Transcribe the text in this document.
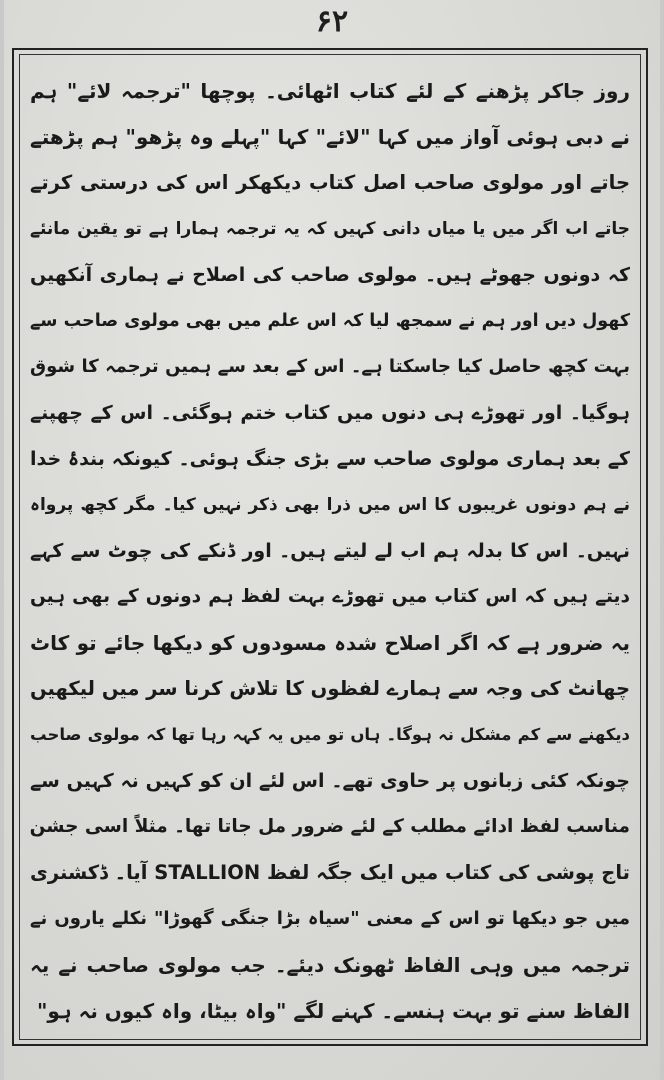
۶۲
روز جاکر پڑھنے کے لئے کتاب اٹھائی۔ پوچھا "ترجمہ لائے" ہم
نے دبی ہوئی آواز میں کہا "لائے" کہا "پہلے وہ پڑھو" ہم پڑھتے
جاتے اور مولوی صاحب اصل کتاب دیکھکر اس کی درستی کرتے
جاتے اب اگر میں یا میاں دانی کہیں کہ یہ ترجمہ ہمارا ہے تو یقین مانئے
کہ دونوں جھوٹے ہیں۔ مولوی صاحب کی اصلاح نے ہماری آنکھیں
کھول دیں اور ہم نے سمجھ لیا کہ اس علم میں بھی مولوی صاحب سے
بہت کچھ حاصل کیا جاسکتا ہے۔ اس کے بعد سے ہمیں ترجمہ کا شوق
ہوگیا۔ اور تھوڑے ہی دنوں میں کتاب ختم ہوگئی۔ اس کے چھپنے
کے بعد ہماری مولوی صاحب سے بڑی جنگ ہوئی۔ کیونکہ بندۂ خدا
نے ہم دونوں غریبوں کا اس میں ذرا بھی ذکر نہیں کیا۔ مگر کچھ پرواہ
نہیں۔ اس کا بدلہ ہم اب لے لیتے ہیں۔ اور ڈنکے کی چوٹ سے کہے
دیتے ہیں کہ اس کتاب میں تھوڑے بہت لفظ ہم دونوں کے بھی ہیں
یہ ضرور ہے کہ اگر اصلاح شدہ مسودوں کو دیکھا جائے تو کاٹ
چھانٹ کی وجہ سے ہمارے لفظوں کا تلاش کرنا سر میں لیکھیں
دیکھنے سے کم مشکل نہ ہوگا۔ ہاں تو میں یہ کہہ رہا تھا کہ مولوی صاحب
چونکہ کئی زبانوں پر حاوی تھے۔ اس لئے ان کو کہیں نہ کہیں سے
مناسب لفظ ادائے مطلب کے لئے ضرور مل جاتا تھا۔ مثلاً اسی جشن
تاج پوشی کی کتاب میں ایک جگہ لفظ STALLION آیا۔ ڈکشنری
میں جو دیکھا تو اس کے معنی "سیاہ بڑا جنگی گھوڑا" نکلے یاروں نے
ترجمہ میں وہی الفاظ ٹھونک دیئے۔ جب مولوی صاحب نے یہ
الفاظ سنے تو بہت ہنسے۔ کہنے لگے "واہ بیٹا، واہ کیوں نہ ہو"
